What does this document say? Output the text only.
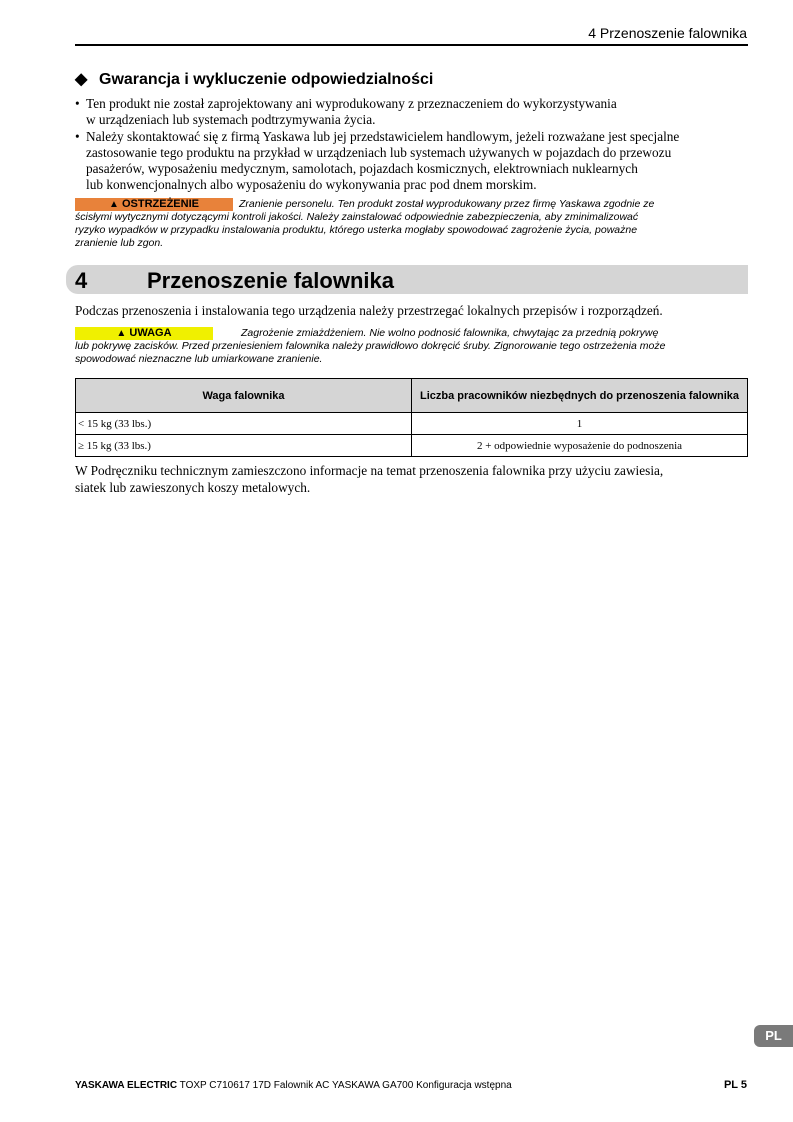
4 Przenoszenie falownika
◆ Gwarancja i wykluczenie odpowiedzialności
• Ten produkt nie został zaprojektowany ani wyprodukowany z przeznaczeniem do wykorzystywania
w urządzeniach lub systemach podtrzymywania życia.
• Należy skontaktować się z firmą Yaskawa lub jej przedstawicielem handlowym, jeżeli rozważane jest specjalne
zastosowanie tego produktu na przykład w urządzeniach lub systemach używanych w pojazdach do przewozu
pasażerów, wyposażeniu medycznym, samolotach, pojazdach kosmicznych, elektrowniach nuklearnych
lub konwencjonalnych albo wyposażeniu do wykonywania prac pod dnem morskim.
▲ OSTRZEŻENIE	Zranienie personelu. Ten produkt został wyprodukowany przez firmę Yaskawa zgodnie ze
ścisłymi wytycznymi dotyczącymi kontroli jakości. Należy zainstalować odpowiednie zabezpieczenia, aby zminimalizować
ryzyko wypadków w przypadku instalowania produktu, którego usterka mogłaby spowodować zagrożenie życia, poważne
zranienie lub zgon.
4	Przenoszenie falownika
Podczas przenoszenia i instalowania tego urządzenia należy przestrzegać lokalnych przepisów i rozporządzeń.
▲ UWAGA	Zagrożenie zmiażdżeniem. Nie wolno podnosić falownika, chwytając za przednią pokrywę
lub pokrywę zacisków. Przed przeniesieniem falownika należy prawidłowo dokręcić śruby. Zignorowanie tego ostrzeżenia może
spowodować nieznaczne lub umiarkowane zranienie.
Waga falownika	Liczba pracowników niezbędnych do przenoszenia falownika
< 15 kg (33 lbs.)	1
≥ 15 kg (33 lbs.)	2 + odpowiednie wyposażenie do podnoszenia
W Podręczniku technicznym zamieszczono informacje na temat przenoszenia falownika przy użyciu zawiesia,
siatek lub zawieszonych koszy metalowych.
PL
YASKAWA ELECTRIC TOXP C710617 17D Falownik AC YASKAWA GA700 Konfiguracja wstępna	PL 5
